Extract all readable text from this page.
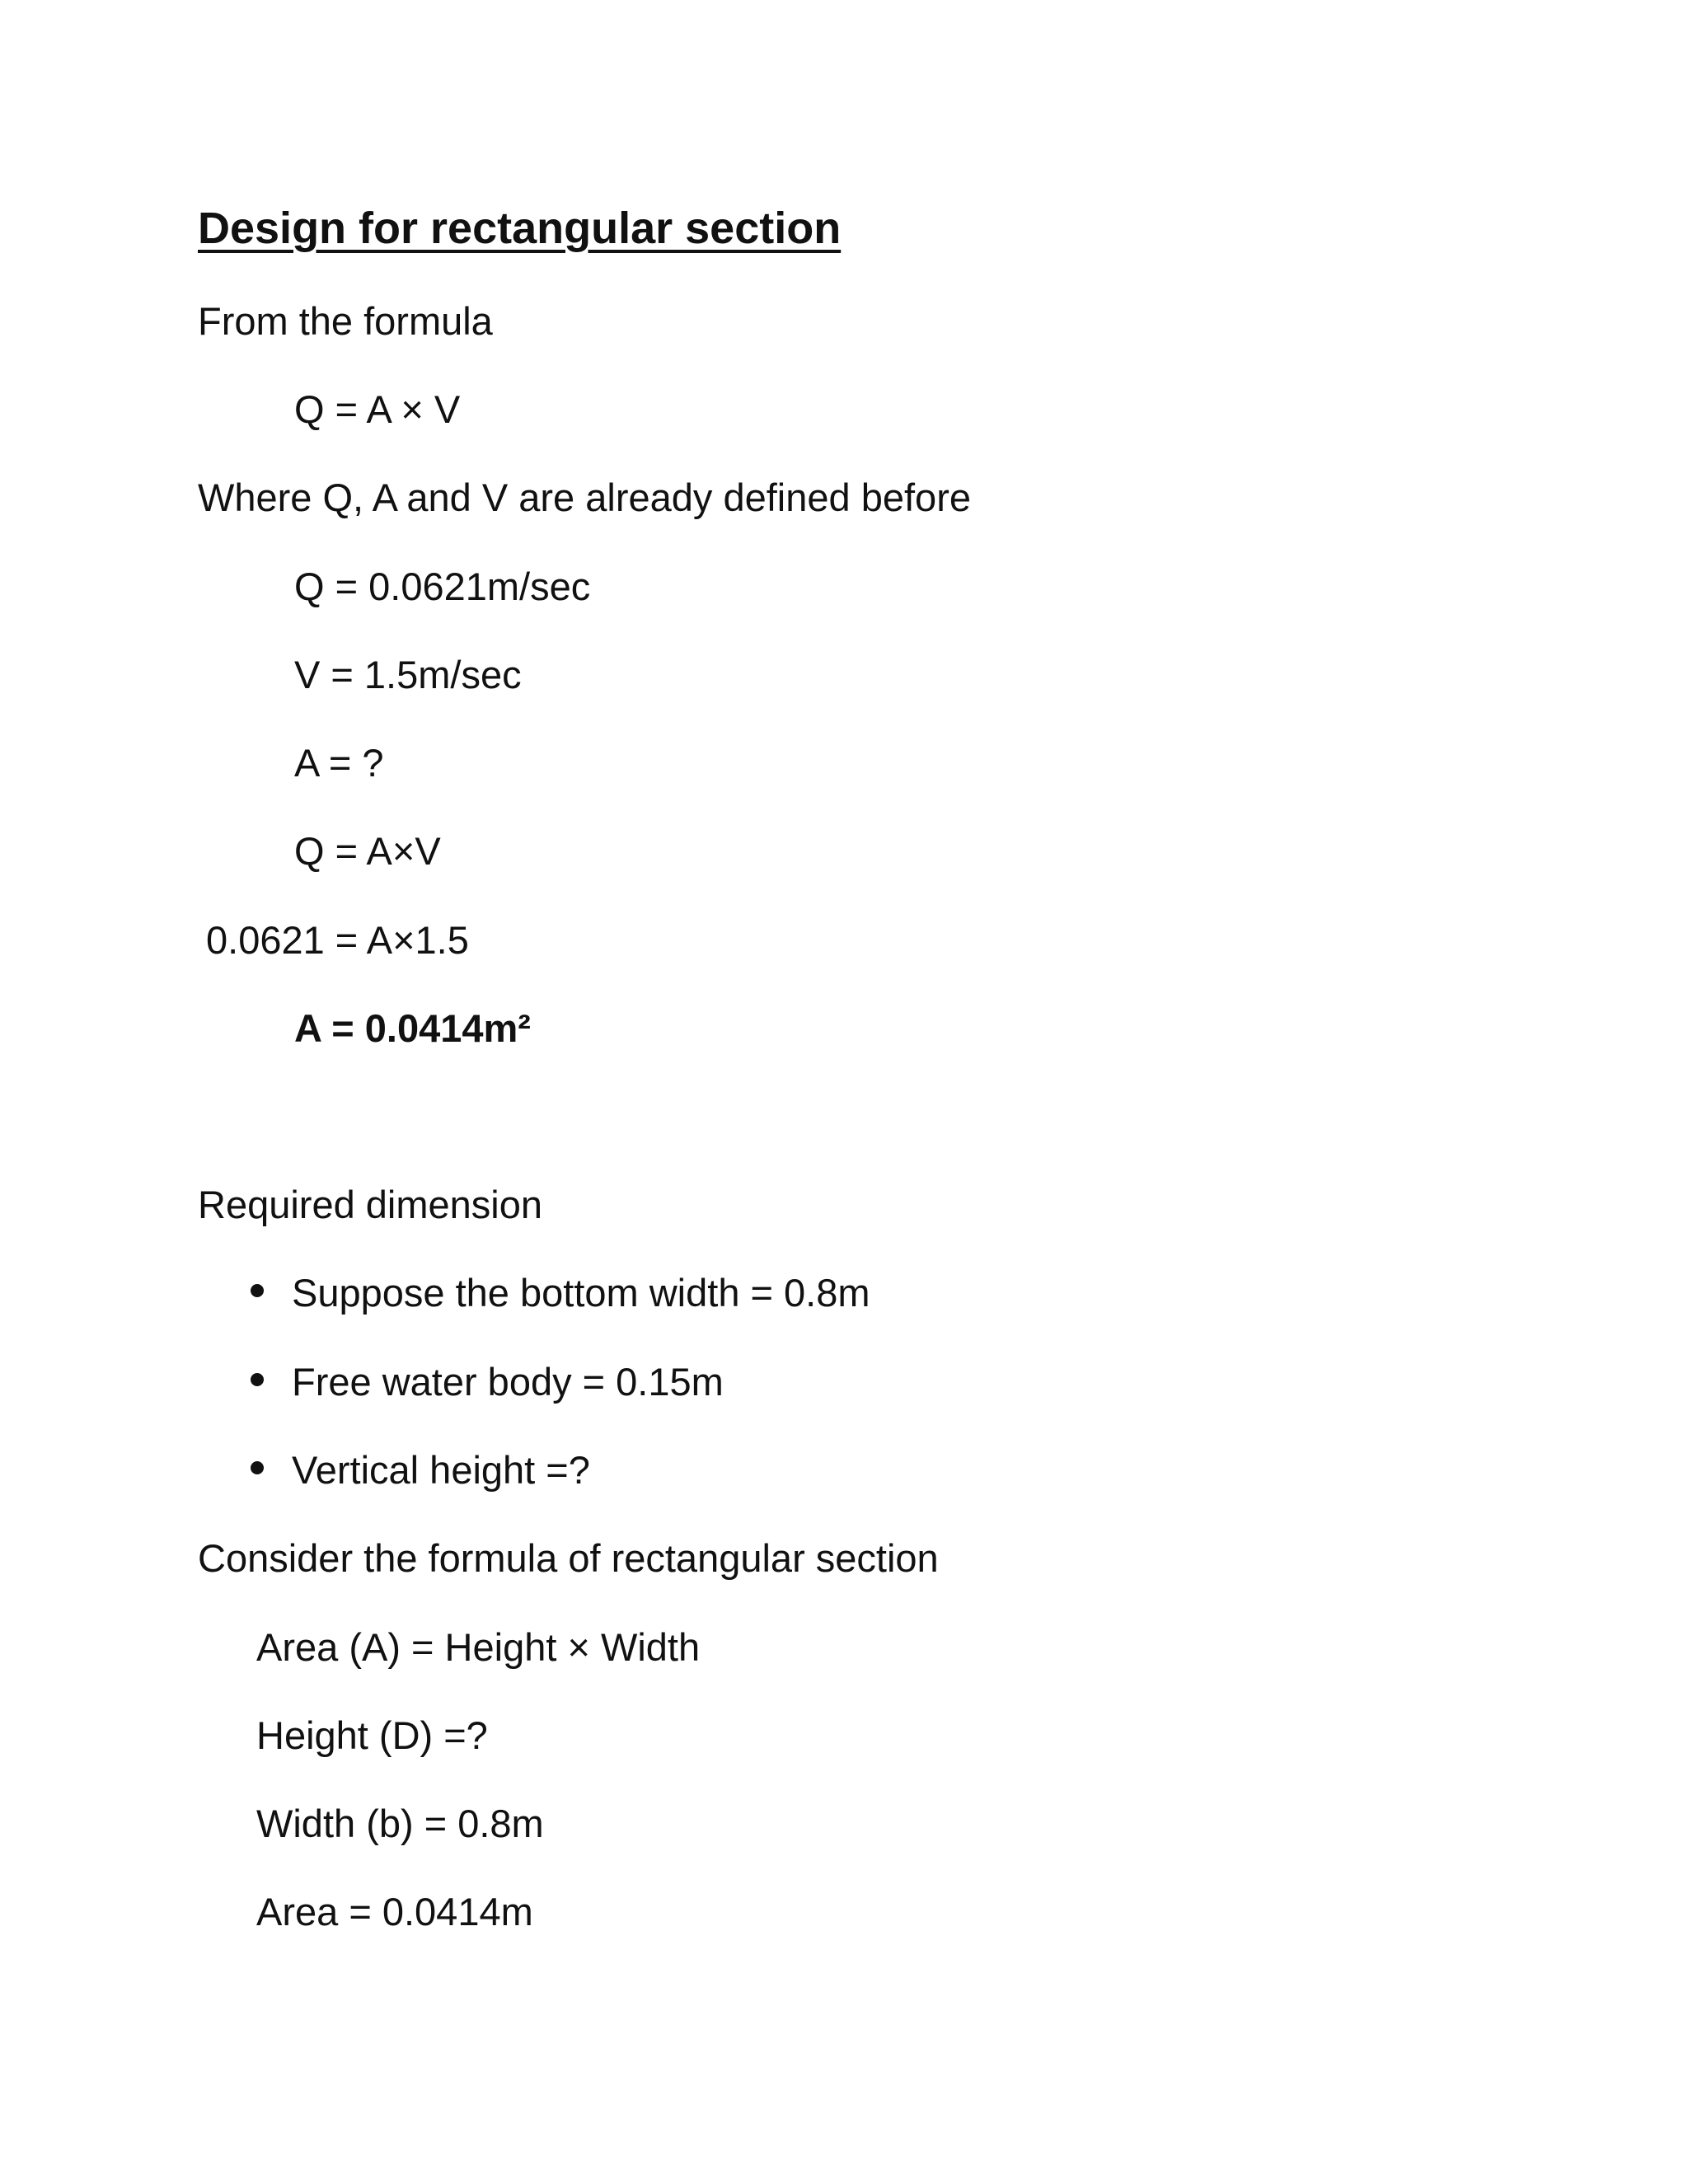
Design for rectangular section

From the formula

Q = A × V

Where Q, A and V are already defined before

Q = 0.0621m/sec

V = 1.5m/sec

A = ?

Q = A×V

0.0621 = A×1.5

A = 0.0414m²

Required dimension

Suppose the bottom width = 0.8m
Free water body = 0.15m
Vertical height =?

Consider the formula of rectangular section

Area (A) = Height × Width

Height (D) =?

Width (b) = 0.8m

Area = 0.0414m
